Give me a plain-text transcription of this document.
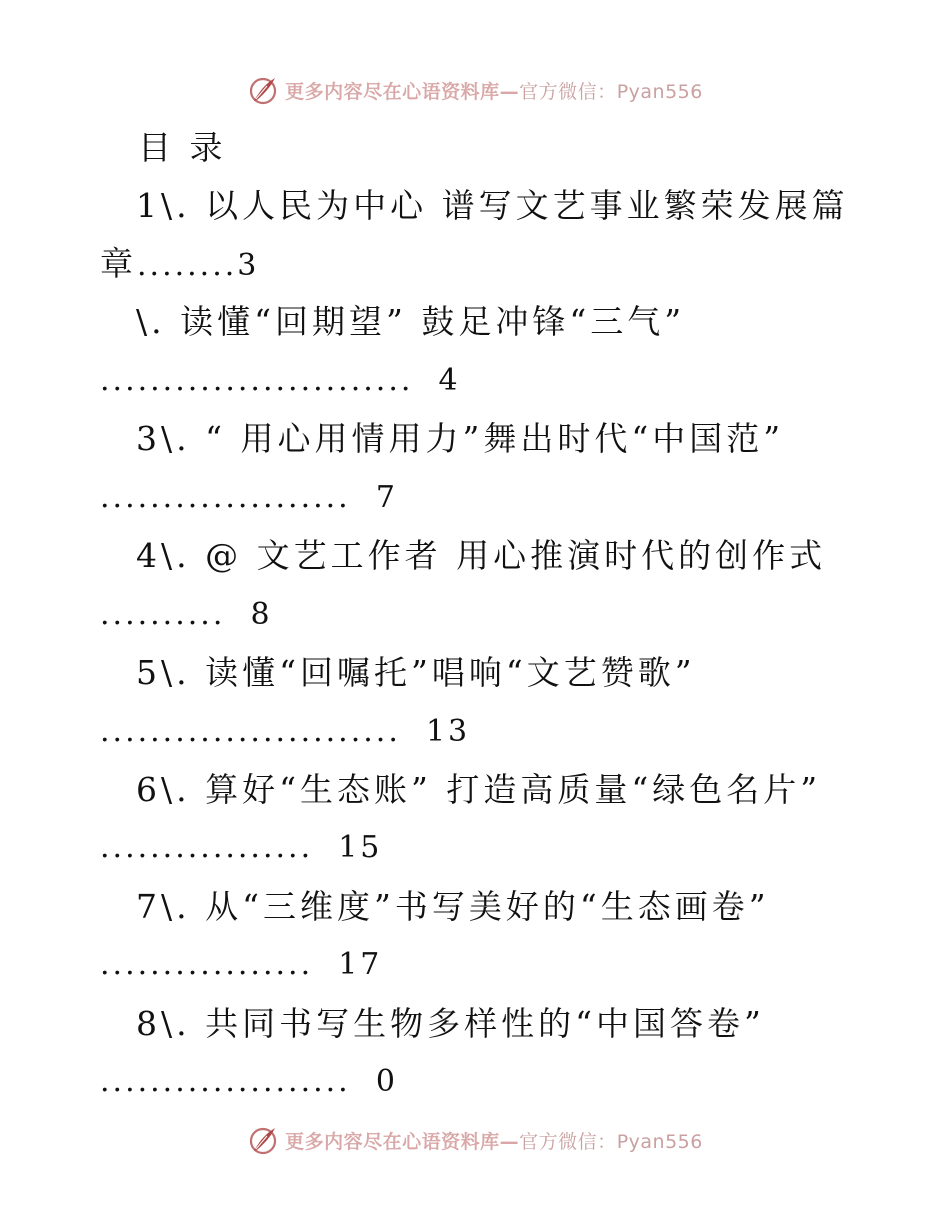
更多内容尽在心语资料库—官方微信：Pyan556
目 录
1\. 以人民为中心 谱写文艺事业繁荣发展篇
章........3
\. 读懂“回期望” 鼓足冲锋“三气”
......................... 4
3\. “ 用心用情用力”舞出时代“中国范”
.................... 7
4\. @ 文艺工作者 用心推演时代的创作式
.......... 8
5\. 读懂“回嘱托”唱响“文艺赞歌”
........................ 13
6\. 算好“生态账” 打造高质量“绿色名片”
................. 15
7\. 从“三维度”书写美好的“生态画卷”
................. 17
8\. 共同书写生物多样性的“中国答卷”
.................... 0
更多内容尽在心语资料库—官方微信：Pyan556
